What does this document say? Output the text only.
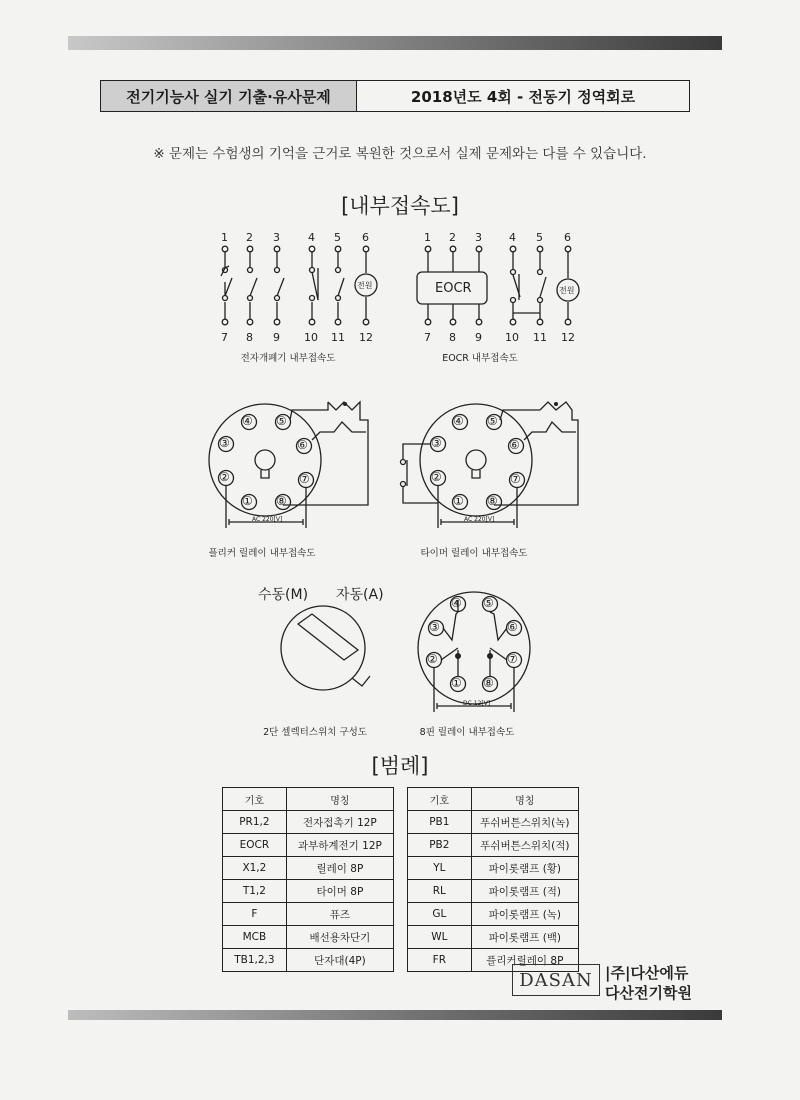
전기기능사 실기 기출·유사문제	2018년도 4회 - 전동기 정역회로
※ 문제는 수험생의 기억을 근거로 복원한 것으로서 실제 문제와는 다를 수 있습니다.
[내부접속도]
1 2 3	4 5 6
7 8 9 10 11 12
전원
전자개폐기 내부접속도
1 2 3 4 5 6
7 8 9 10 11 12
EOCR	전원
EOCR 내부접속도
①
②
③
④ ⑤
⑥
⑦
⑧
AC 220[V]
플리커 릴레이 내부접속도
①
②
③
④ ⑤
⑥
⑦
⑧
AC 220[V]
타이머 릴레이 내부접속도
수동(M) 자동(A)
2단 셀렉터스위치 구성도
①
②
③
④ ⑤
⑥
⑦
⑧
DC 12[V]
8핀 릴레이 내부접속도
[범례]
기호	명칭
PR1,2	전자접촉기 12P
EOCR	과부하계전기 12P
X1,2	릴레이 8P
T1,2	타이머 8P
F	퓨즈
MCB	배선용차단기
TB1,2,3	단자대(4P)
기호	명칭
PB1	푸쉬버튼스위치(녹)
PB2	푸쉬버튼스위치(적)
YL	파이롯램프 (황)
RL	파이롯램프 (적)
GL	파이롯램프 (녹)
WL	파이롯램프 (백)
FR	플리커릴레이 8P
DASAN |주|다산에듀
다산전기학원
